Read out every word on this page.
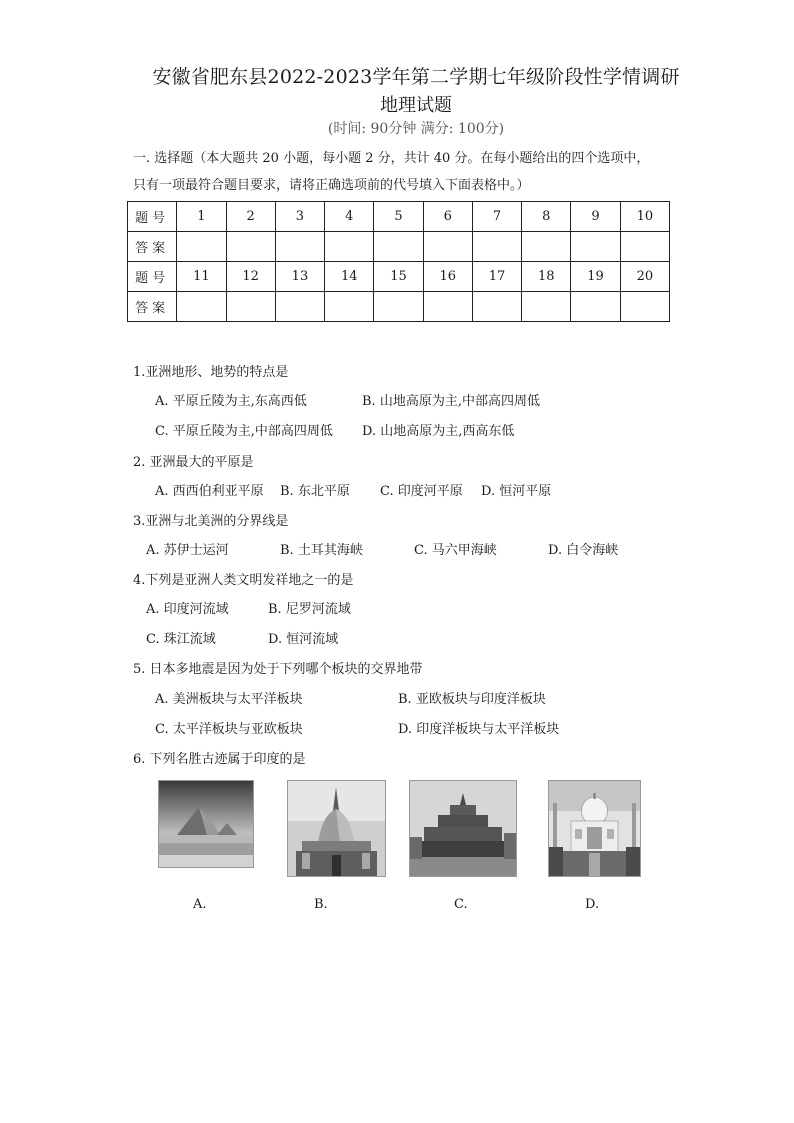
安徽省肥东县2022-2023学年第二学期七年级阶段性学情调研
地理试题
(时间: 90分钟 满分: 100分)
一. 选择题（本大题共 20 小题，每小题 2 分，共计 40 分。在每小题给出的四个选项中，
只有一项最符合题目要求，请将正确选项前的代号填入下面表格中。）
题号	1	2	3	4	5	6	7	8	9	10
答案										
题号	11	12	13	14	15	16	17	18	19	20
答案										
1.亚洲地形、地势的特点是
A. 平原丘陵为主,东高西低	B. 山地高原为主,中部高四周低
C. 平原丘陵为主,中部高四周低 D. 山地高原为主,西高东低
2. 亚洲最大的平原是
A. 西西伯利亚平原 B. 东北平原 C. 印度河平原 D. 恒河平原
3.亚洲与北美洲的分界线是
A. 苏伊士运河	B. 土耳其海峡	C. 马六甲海峡	D. 白令海峡
4.下列是亚洲人类文明发祥地之一的是
A. 印度河流域	B. 尼罗河流域
C. 珠江流域	D. 恒河流域
5. 日本多地震是因为处于下列哪个板块的交界地带
A. 美洲板块与太平洋板块	B. 亚欧板块与印度洋板块
C. 太平洋板块与亚欧板块	D. 印度洋板块与太平洋板块
6. 下列名胜古迹属于印度的是
A.	B.	C.	D.
